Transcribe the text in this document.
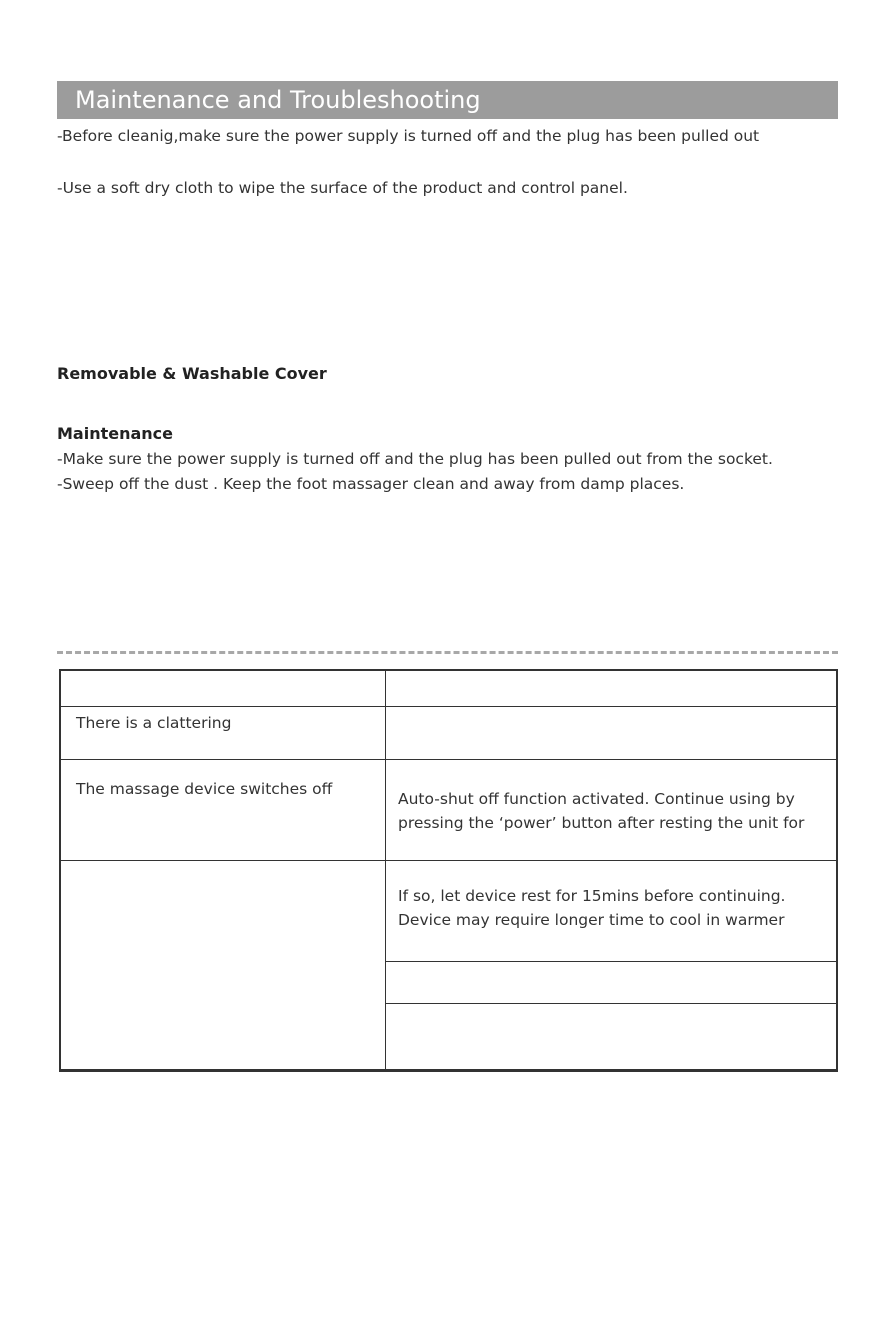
Maintenance and Troubleshooting
-Before cleanig,make sure the power supply is turned off and the plug has been pulled out
-Use a soft dry cloth to wipe the surface of the product and control panel.
Removable & Washable Cover
Maintenance
-Make sure the power supply is turned off and the plug has been pulled out from the socket.
-Sweep off the dust . Keep the foot massager clean and away from damp places.
There is a clattering
The massage device switches off
Auto-shut off function activated. Continue using by
pressing the ‘power’ button after resting the unit for
If so, let device rest for 15mins before continuing.
Device may require longer time to cool in warmer
